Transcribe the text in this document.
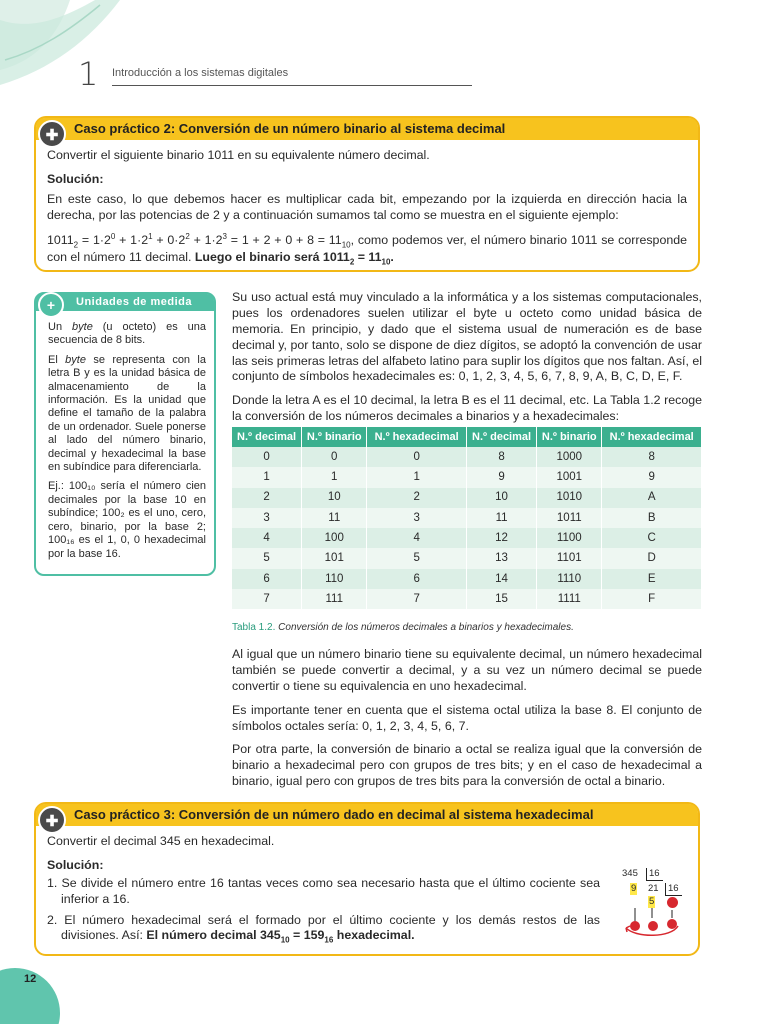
1 Introducción a los sistemas digitales
✚	Caso práctico 2: Conversión de un número binario al sistema decimal

Convertir el siguiente binario 1011 en su equivalente número decimal.

Solución:

En este caso, lo que debemos hacer es multiplicar cada bit, empezando por la izquierda en dirección hacia la derecha, por las potencias de 2 y a continuación sumamos tal como se muestra en el siguiente ejemplo:

$1011_2 = 1\cdot 2^0 + 1\cdot 2^1 + 0\cdot 2^2 + 1\cdot 2^3 = 1 + 2 + 0 + 8 = 11_{10}$, como podemos ver, el número binario 1011 se corresponde con el número 11 decimal. Luego el binario será $1011_2 = 11_{10}$.

+	Unidades de medida

Un byte (u octeto) es una secuencia de 8 bits.

El byte se representa con la letra B y es la unidad básica de almacenamiento de la información. Es la unidad que define el tamaño de la palabra de un ordenador. Suele ponerse al lado del número binario, decimal y hexadecimal la base en subíndice para diferenciarla.

Ej.: 100₁₀ sería el número cien decimales por la base 10 en subíndice; 100₂ es el uno, cero, cero, binario, por la base 2; 100₁₆ es el 1, 0, 0 hexadecimal por la base 16.

Su uso actual está muy vinculado a la informática y a los sistemas computacionales, pues los ordenadores suelen utilizar el byte u octeto como unidad básica de memoria. En principio, y dado que el sistema usual de numeración es de base decimal y, por tanto, solo se dispone de diez dígitos, se adoptó la convención de usar las seis primeras letras del alfabeto latino para suplir los dígitos que nos faltan. Así, el conjunto de símbolos hexadecimales es: 0, 1, 2, 3, 4, 5, 6, 7, 8, 9, A, B, C, D, E, F.

Donde la letra A es el 10 decimal, la letra B es el 11 decimal, etc. La Tabla 1.2 recoge la conversión de los números decimales a binarios y a hexadecimales:

N.º decimal	N.º binario	N.º hexadecimal	N.º decimal	N.º binario	N.º hexadecimal
0	0	0	8	1000	8
1	1	1	9	1001	9
2	10	2	10	1010	A
3	11	3	11	1011	B
4	100	4	12	1100	C
5	101	5	13	1101	D
6	110	6	14	1110	E
7	111	7	15	1111	F
Tabla 1.2. Conversión de los números decimales a binarios y hexadecimales.

Al igual que un número binario tiene su equivalente decimal, un número hexadecimal también se puede convertir a decimal, y a su vez un número decimal se puede convertir o tiene su equivalencia en uno hexadecimal.

Es importante tener en cuenta que el sistema octal utiliza la base 8. El conjunto de símbolos octales sería: 0, 1, 2, 3, 4, 5, 6, 7.

Por otra parte, la conversión de binario a octal se realiza igual que la conversión de binario a hexadecimal pero con grupos de tres bits; y en el caso de hexadecimal a binario, igual pero con grupos de tres bits para la conversión de octal a binario.

✚	Caso práctico 3: Conversión de un número dado en decimal al sistema hexadecimal

Convertir el decimal 345 en hexadecimal.

Solución:

1. Se divide el número entre 16 tantas veces como sea necesario hasta que el último cociente sea inferior a 16.

2. El número hexadecimal será el formado por el último cociente y los demás restos de las divisiones. Así: El número decimal $345_{10} = 159_{16}$ hexadecimal.

345	16
9 21 16
5
12
